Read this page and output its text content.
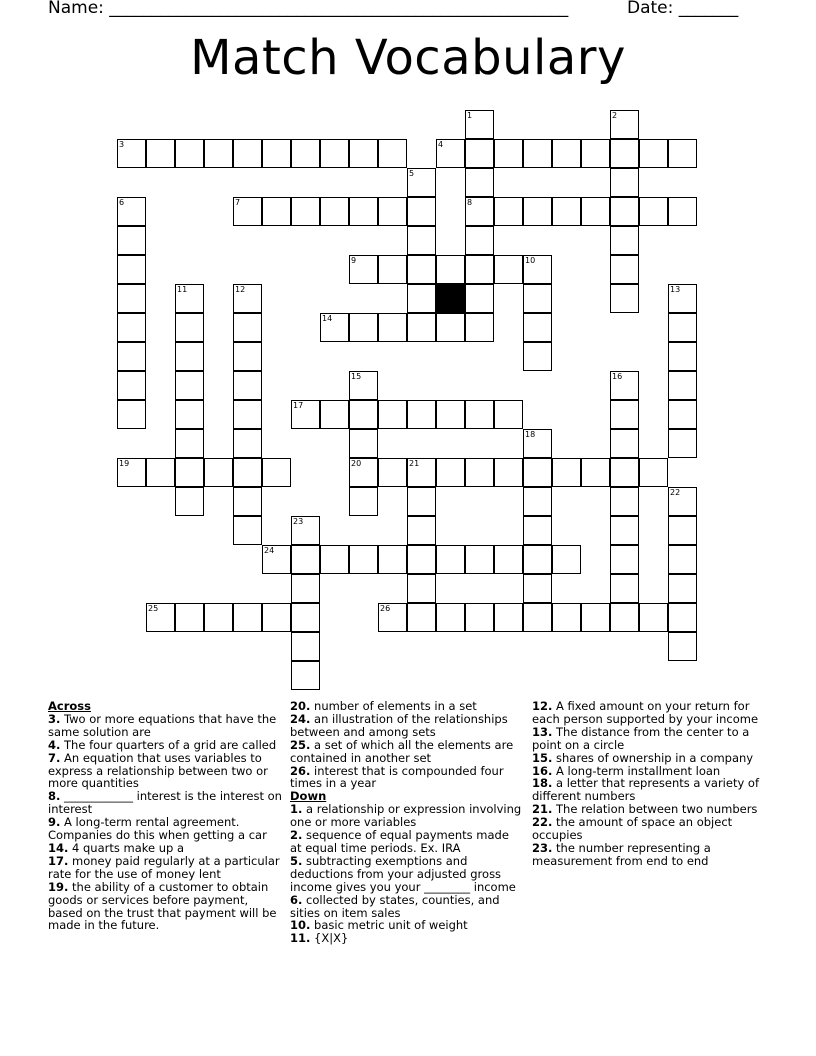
Name: ______________________________________________________	Date: _______
Match Vocabulary
3	4
7	8
9	10
14
17
19	20	21
24
25	26
1	2
5
6
11	12	13
15	16
18
22
23

Across

3. Two or more equations that have the same solution are

4. The four quarters of a grid are called

7. An equation that uses variables to express a relationship between two or more quantities

8. ____________ interest is the interest on interest

9. A long-term rental agreement. Companies do this when getting a car

14. 4 quarts make up a

17. money paid regularly at a particular rate for the use of money lent

19. the ability of a customer to obtain goods or services before payment, based on the trust that payment will be made in the future.

20. number of elements in a set

24. an illustration of the relationships between and among sets

25. a set of which all the elements are contained in another set

26. interest that is compounded four times in a year

Down

1. a relationship or expression involving one or more variables

2. sequence of equal payments made at equal time periods. Ex. IRA

5. subtracting exemptions and deductions from your adjusted gross income gives you your ________ income

6. collected by states, counties, and sities on item sales

10. basic metric unit of weight

11. {X|X}

12. A fixed amount on your return for each person supported by your income

13. The distance from the center to a point on a circle

15. shares of ownership in a company

16. A long-term installment loan

18. a letter that represents a variety of different numbers

21. The relation between two numbers

22. the amount of space an object occupies

23. the number representing a measurement from end to end
